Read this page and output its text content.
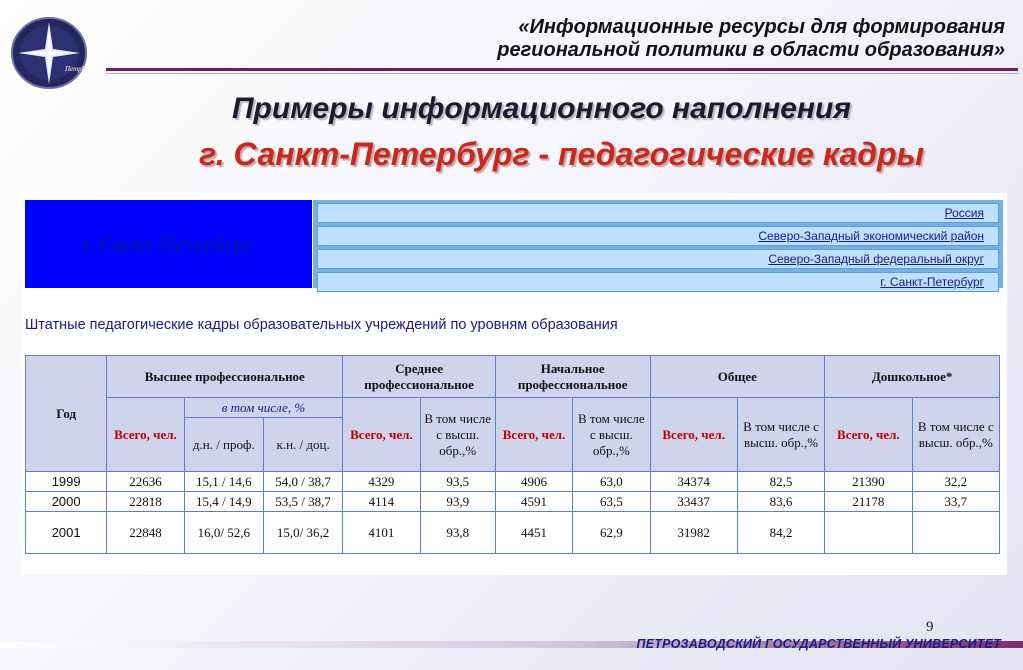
ПетрГУ
«Информационные ресурсы для формирования
региональной политики в области образования»
Примеры информационного наполнения
г. Санкт-Петербург - педагогические кадры
г. Санкт-Петербург
Россия
Северо-Западный экономический район
Северо-Западный федеральный округ
г. Санкт-Петербург
Штатные педагогические кадры образовательных учреждений по уровням образования
Год	Высшее профессиональное			Среднее профессиональное		Начальное профессиональное		Общее		Дошкольное*	
	Всего, чел.	в том числе, %		Всего, чел.	В том числе с высш. обр.,%	Всего, чел.	В том числе с высш. обр.,%	Всего, чел.	В том числе с высш. обр.,%	Всего, чел.	В том числе с высш. обр.,%
		д.н. / проф.	к.н. / доц.								
1999	22636	15,1 / 14,6	54,0 / 38,7	4329	93,5	4906	63,0	34374	82,5	21390	32,2
2000	22818	15,4 / 14,9	53,5 / 38,7	4114	93,9	4591	63,5	33437	83,6	21178	33,7
2001	22848	16,0/ 52,6	15,0/ 36,2	4101	93,8	4451	62,9	31982	84,2		
9
ПЕТРОЗАВОДСКИЙ ГОСУДАРСТВЕННЫЙ УНИВЕРСИТЕТ
